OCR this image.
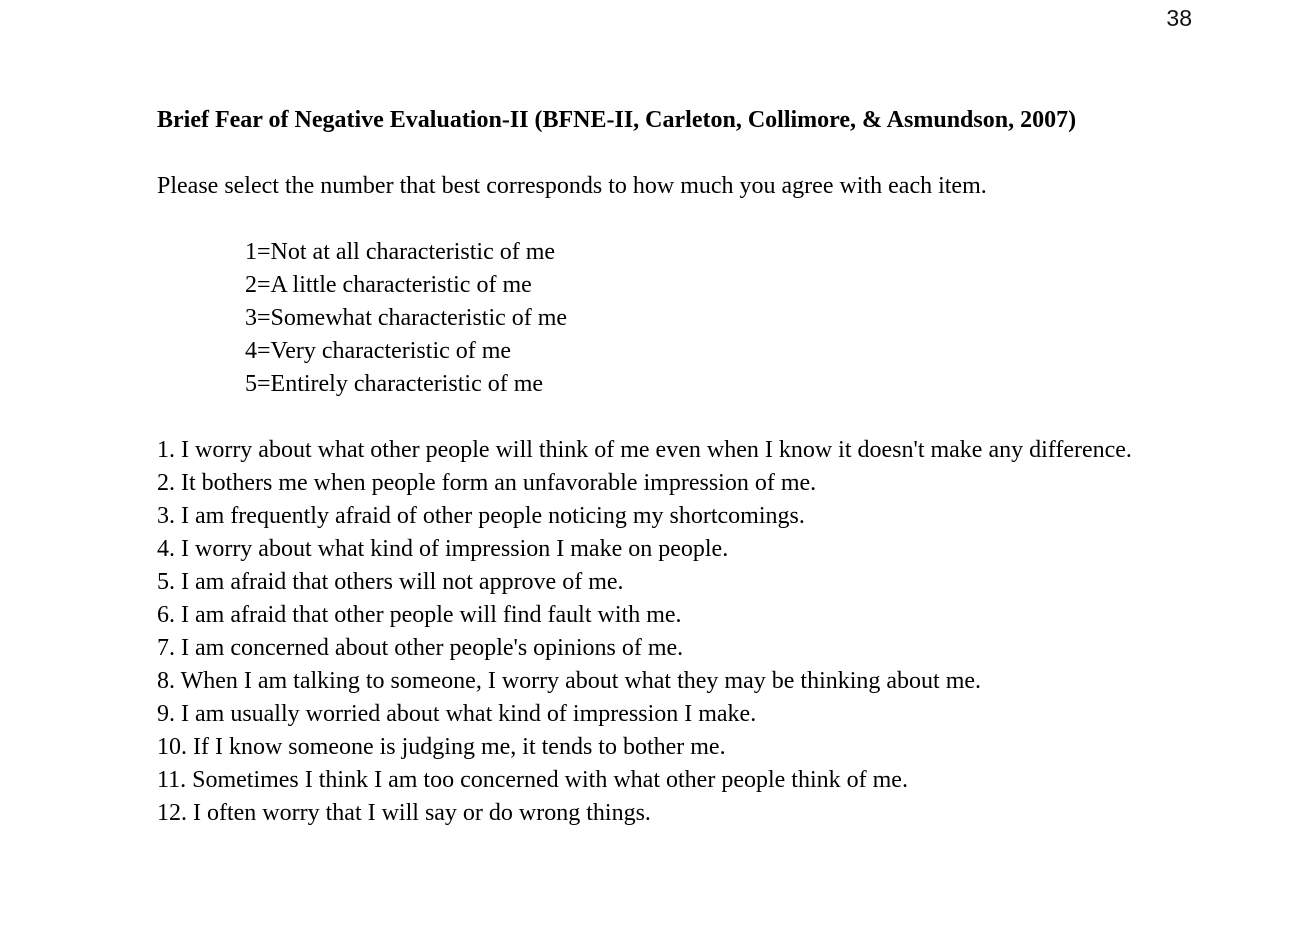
38
Brief Fear of Negative Evaluation-II (BFNE-II, Carleton, Collimore, & Asmundson, 2007)

Please select the number that best corresponds to how much you agree with each item.

1=Not at all characteristic of me
2=A little characteristic of me
3=Somewhat characteristic of me
4=Very characteristic of me
5=Entirely characteristic of me
1. I worry about what other people will think of me even when I know it doesn't make any difference.
2. It bothers me when people form an unfavorable impression of me.
3. I am frequently afraid of other people noticing my shortcomings.
4. I worry about what kind of impression I make on people.
5. I am afraid that others will not approve of me.
6. I am afraid that other people will find fault with me.
7. I am concerned about other people's opinions of me.
8. When I am talking to someone, I worry about what they may be thinking about me.
9. I am usually worried about what kind of impression I make.
10. If I know someone is judging me, it tends to bother me.
11. Sometimes I think I am too concerned with what other people think of me.
12. I often worry that I will say or do wrong things.
